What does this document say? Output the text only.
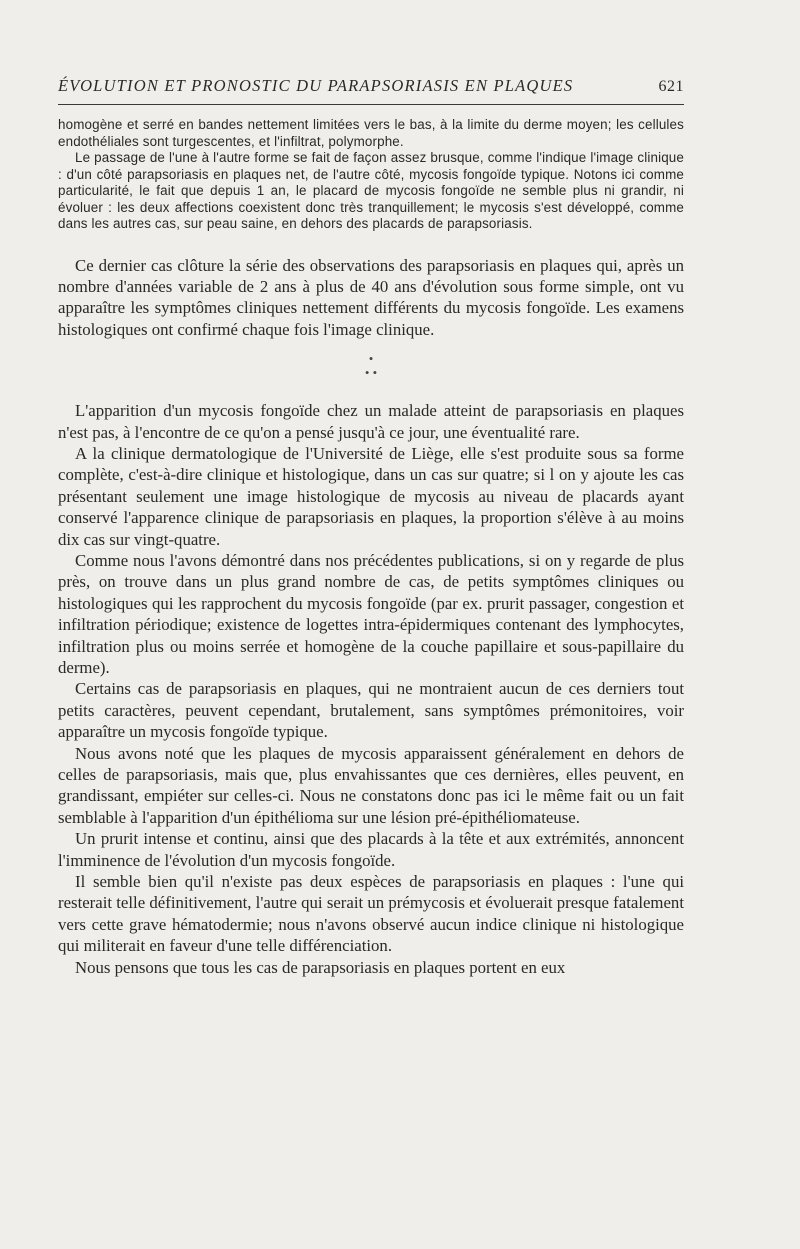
ÉVOLUTION ET PRONOSTIC DU PARAPSORIASIS EN PLAQUES	621

homogène et serré en bandes nettement limitées vers le bas, à la limite du derme moyen; les cellules endothéliales sont turgescentes, et l'infiltrat, polymorphe.

Le passage de l'une à l'autre forme se fait de façon assez brusque, comme l'indique l'image clinique : d'un côté parapsoriasis en plaques net, de l'autre côté, mycosis fongoïde typique. Notons ici comme particularité, le fait que depuis 1 an, le placard de mycosis fongoïde ne semble plus ni grandir, ni évoluer : les deux affections coexistent donc très tranquillement; le mycosis s'est développé, comme dans les autres cas, sur peau saine, en dehors des placards de parapsoriasis.

Ce dernier cas clôture la série des observations des parapsoriasis en plaques qui, après un nombre d'années variable de 2 ans à plus de 40 ans d'évolution sous forme simple, ont vu apparaître les symptômes cliniques nettement différents du mycosis fongoïde. Les examens histologiques ont confirmé chaque fois l'image clinique.

•
• •

L'apparition d'un mycosis fongoïde chez un malade atteint de parapsoriasis en plaques n'est pas, à l'encontre de ce qu'on a pensé jusqu'à ce jour, une éventualité rare.

A la clinique dermatologique de l'Université de Liège, elle s'est produite sous sa forme complète, c'est-à-dire clinique et histologique, dans un cas sur quatre; si l on y ajoute les cas présentant seulement une image histologique de mycosis au niveau de placards ayant conservé l'apparence clinique de parapsoriasis en plaques, la proportion s'élève à au moins dix cas sur vingt-quatre.

Comme nous l'avons démontré dans nos précédentes publications, si on y regarde de plus près, on trouve dans un plus grand nombre de cas, de petits symptômes cliniques ou histologiques qui les rapprochent du mycosis fongoïde (par ex. prurit passager, congestion et infiltration périodique; existence de logettes intra-épidermiques contenant des lymphocytes, infiltration plus ou moins serrée et homogène de la couche papillaire et sous-papillaire du derme).

Certains cas de parapsoriasis en plaques, qui ne montraient aucun de ces derniers tout petits caractères, peuvent cependant, brutalement, sans symptômes prémonitoires, voir apparaître un mycosis fongoïde typique.

Nous avons noté que les plaques de mycosis apparaissent généralement en dehors de celles de parapsoriasis, mais que, plus envahissantes que ces dernières, elles peuvent, en grandissant, empiéter sur celles-ci. Nous ne constatons donc pas ici le même fait ou un fait semblable à l'apparition d'un épithélioma sur une lésion pré-épithéliomateuse.

Un prurit intense et continu, ainsi que des placards à la tête et aux extrémités, annoncent l'imminence de l'évolution d'un mycosis fongoïde.

Il semble bien qu'il n'existe pas deux espèces de parapsoriasis en plaques : l'une qui resterait telle définitivement, l'autre qui serait un prémycosis et évoluerait presque fatalement vers cette grave hématodermie; nous n'avons observé aucun indice clinique ni histologique qui militerait en faveur d'une telle différenciation.

Nous pensons que tous les cas de parapsoriasis en plaques portent en eux
